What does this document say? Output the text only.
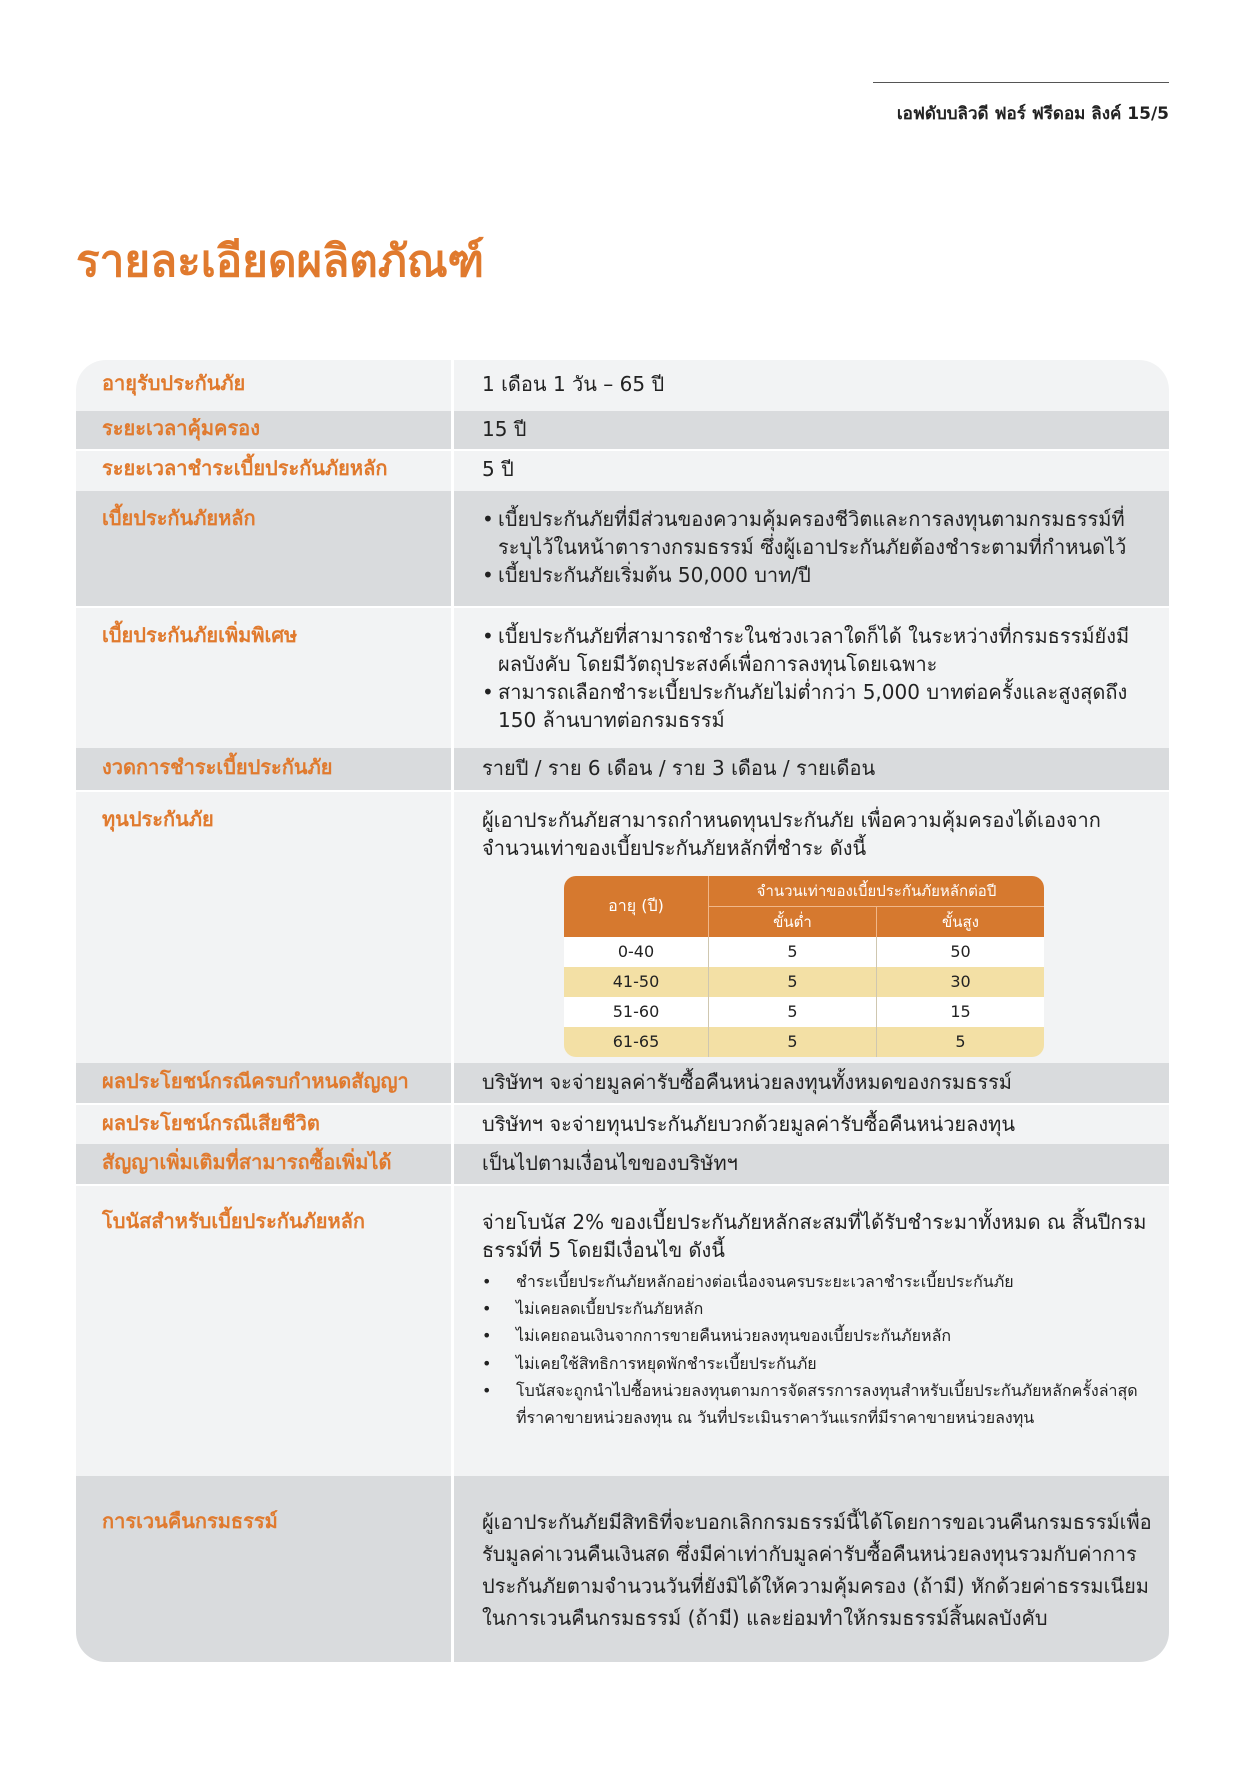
เอฟดับบลิวดี ฟอร์ ฟรีดอม ลิงค์ 15/5
รายละเอียดผลิตภัณฑ์
อายุรับประกันภัย	1 เดือน 1 วัน – 65 ปี
ระยะเวลาคุ้มครอง	15 ปี
ระยะเวลาชำระเบี้ยประกันภัยหลัก	5 ปี
เบี้ยประกันภัยหลัก	• เบี้ยประกันภัยที่มีส่วนของความคุ้มครองชีวิตและการลงทุนตามกรมธรรม์ที่ระบุไว้ในหน้าตารางกรมธรรม์ ซึ่งผู้เอาประกันภัยต้องชำระตามที่กำหนดไว้
• เบี้ยประกันภัยเริ่มต้น 50,000 บาท/ปี
เบี้ยประกันภัยเพิ่มพิเศษ	• เบี้ยประกันภัยที่สามารถชำระในช่วงเวลาใดก็ได้ ในระหว่างที่กรมธรรม์ยังมีผลบังคับ โดยมีวัตถุประสงค์เพื่อการลงทุนโดยเฉพาะ
• สามารถเลือกชำระเบี้ยประกันภัยไม่ต่ำกว่า 5,000 บาทต่อครั้งและสูงสุดถึง 150 ล้านบาทต่อกรมธรรม์
งวดการชำระเบี้ยประกันภัย	รายปี / ราย 6 เดือน / ราย 3 เดือน / รายเดือน
ทุนประกันภัย	ผู้เอาประกันภัยสามารถกำหนดทุนประกันภัย เพื่อความคุ้มครองได้เองจากจำนวนเท่าของเบี้ยประกันภัยหลักที่ชำระ ดังนี้
อายุ (ปี)
จำนวนเท่าของเบี้ยประกันภัยหลักต่อปี
ขั้นต่ำ	ขั้นสูง
0-40	5	50
41-50	5	30
51-60	5	15
61-65	5	5
ผลประโยชน์กรณีครบกำหนดสัญญา	บริษัทฯ จะจ่ายมูลค่ารับซื้อคืนหน่วยลงทุนทั้งหมดของกรมธรรม์
ผลประโยชน์กรณีเสียชีวิต	บริษัทฯ จะจ่ายทุนประกันภัยบวกด้วยมูลค่ารับซื้อคืนหน่วยลงทุน
สัญญาเพิ่มเติมที่สามารถซื้อเพิ่มได้	เป็นไปตามเงื่อนไขของบริษัทฯ
โบนัสสำหรับเบี้ยประกันภัยหลัก	จ่ายโบนัส 2% ของเบี้ยประกันภัยหลักสะสมที่ได้รับชำระมาทั้งหมด ณ สิ้นปีกรมธรรม์ที่ 5 โดยมีเงื่อนไข ดังนี้
• ชำระเบี้ยประกันภัยหลักอย่างต่อเนื่องจนครบระยะเวลาชำระเบี้ยประกันภัย
• ไม่เคยลดเบี้ยประกันภัยหลัก
• ไม่เคยถอนเงินจากการขายคืนหน่วยลงทุนของเบี้ยประกันภัยหลัก
• ไม่เคยใช้สิทธิการหยุดพักชำระเบี้ยประกันภัย
• โบนัสจะถูกนำไปซื้อหน่วยลงทุนตามการจัดสรรการลงทุนสำหรับเบี้ยประกันภัยหลักครั้งล่าสุด ที่ราคาขายหน่วยลงทุน ณ วันที่ประเมินราคาวันแรกที่มีราคาขายหน่วยลงทุน
การเวนคืนกรมธรรม์	ผู้เอาประกันภัยมีสิทธิที่จะบอกเลิกกรมธรรม์นี้ได้โดยการขอเวนคืนกรมธรรม์เพื่อรับมูลค่าเวนคืนเงินสด ซึ่งมีค่าเท่ากับมูลค่ารับซื้อคืนหน่วยลงทุนรวมกับค่าการประกันภัยตามจำนวนวันที่ยังมิได้ให้ความคุ้มครอง (ถ้ามี) หักด้วยค่าธรรมเนียมในการเวนคืนกรมธรรม์ (ถ้ามี) และย่อมทำให้กรมธรรม์สิ้นผลบังคับ
